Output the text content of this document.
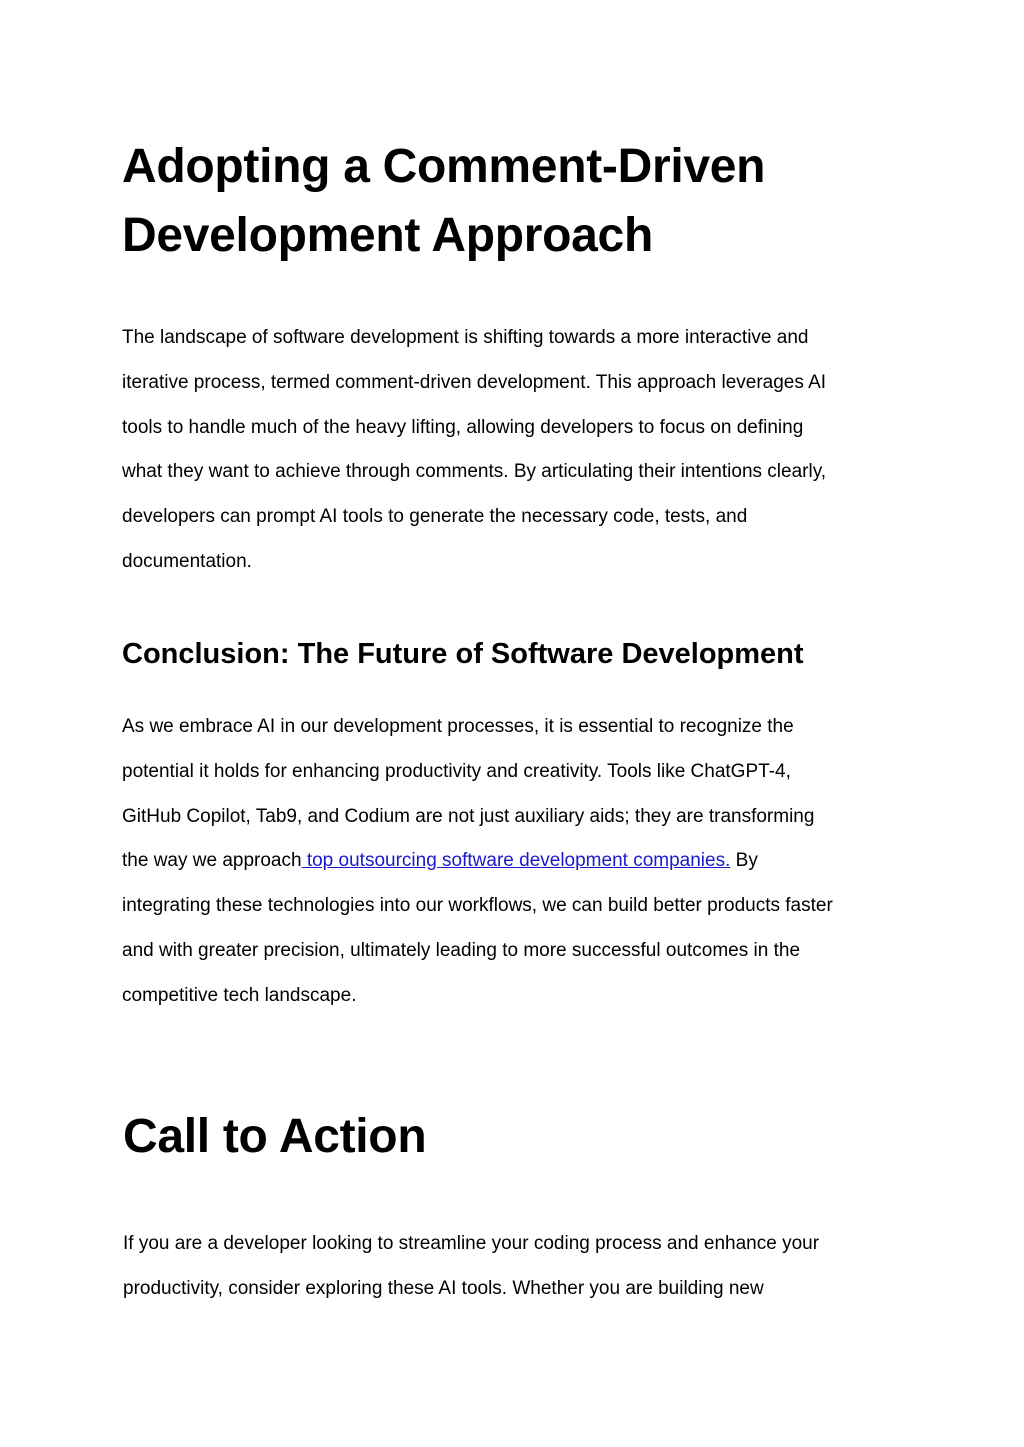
Adopting a Comment-Driven
Development Approach

The landscape of software development is shifting towards a more interactive and
iterative process, termed comment-driven development. This approach leverages AI
tools to handle much of the heavy lifting, allowing developers to focus on defining
what they want to achieve through comments. By articulating their intentions clearly,
developers can prompt AI tools to generate the necessary code, tests, and
documentation.

Conclusion: The Future of Software Development

As we embrace AI in our development processes, it is essential to recognize the
potential it holds for enhancing productivity and creativity. Tools like ChatGPT-4,
GitHub Copilot, Tab9, and Codium are not just auxiliary aids; they are transforming
the way we approach top outsourcing software development companies. By
integrating these technologies into our workflows, we can build better products faster
and with greater precision, ultimately leading to more successful outcomes in the
competitive tech landscape.

Call to Action

If you are a developer looking to streamline your coding process and enhance your
productivity, consider exploring these AI tools. Whether you are building new
